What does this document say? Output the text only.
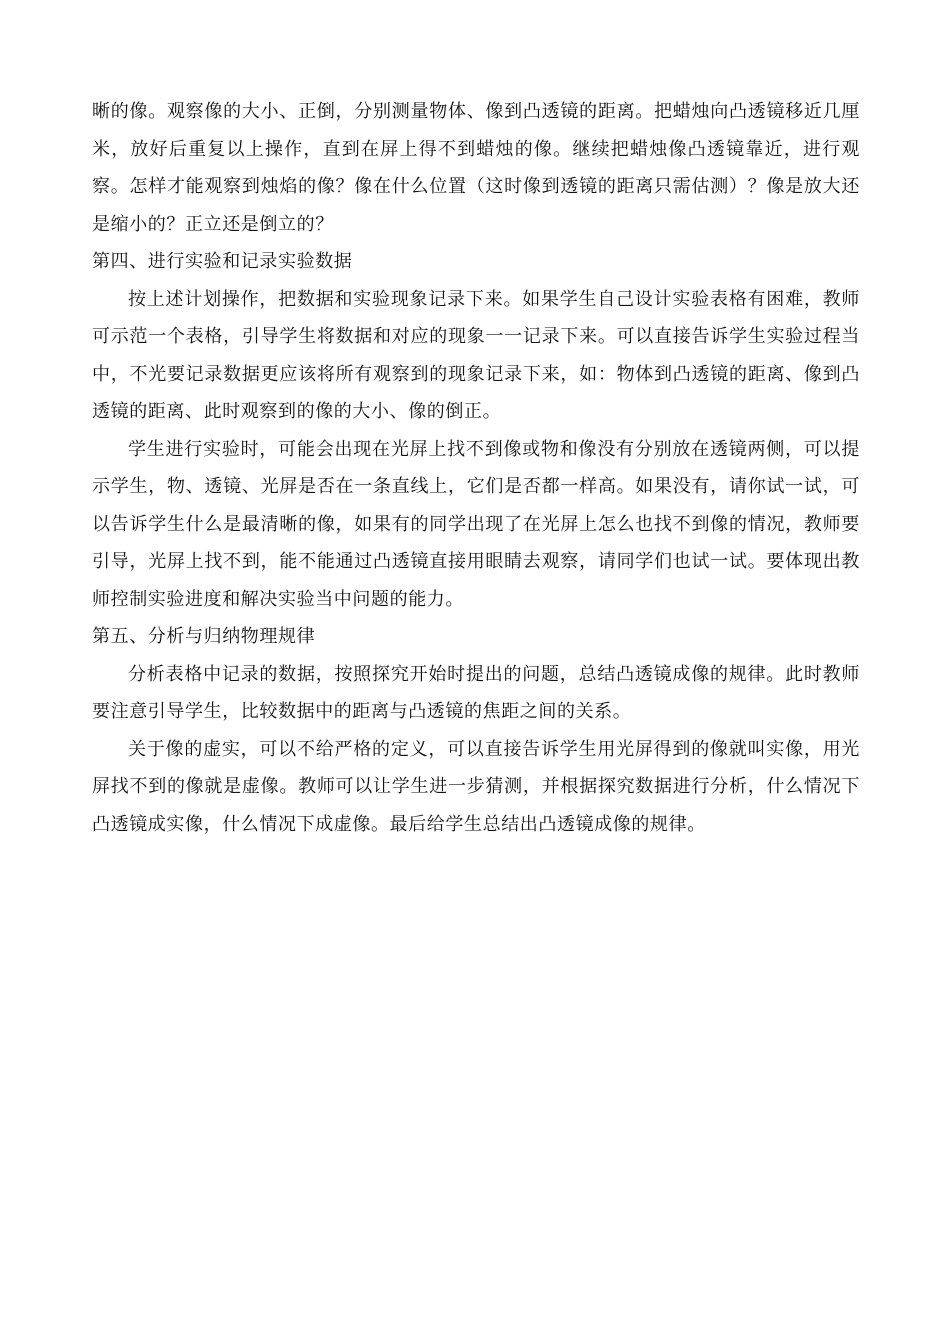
晰的像。观察像的大小、正倒，分别测量物体、像到凸透镜的距离。把蜡烛向凸透镜移近几厘米，放好后重复以上操作，直到在屏上得不到蜡烛的像。继续把蜡烛像凸透镜靠近，进行观察。怎样才能观察到烛焰的像？像在什么位置（这时像到透镜的距离只需估测）？像是放大还是缩小的？正立还是倒立的？

第四、进行实验和记录实验数据

按上述计划操作，把数据和实验现象记录下来。如果学生自己设计实验表格有困难，教师可示范一个表格，引导学生将数据和对应的现象一一记录下来。可以直接告诉学生实验过程当中，不光要记录数据更应该将所有观察到的现象记录下来，如：物体到凸透镜的距离、像到凸透镜的距离、此时观察到的像的大小、像的倒正。

学生进行实验时，可能会出现在光屏上找不到像或物和像没有分别放在透镜两侧，可以提示学生，物、透镜、光屏是否在一条直线上，它们是否都一样高。如果没有，请你试一试，可以告诉学生什么是最清晰的像，如果有的同学出现了在光屏上怎么也找不到像的情况，教师要引导，光屏上找不到，能不能通过凸透镜直接用眼睛去观察，请同学们也试一试。要体现出教师控制实验进度和解决实验当中问题的能力。

第五、分析与归纳物理规律

分析表格中记录的数据，按照探究开始时提出的问题，总结凸透镜成像的规律。此时教师要注意引导学生，比较数据中的距离与凸透镜的焦距之间的关系。

关于像的虚实，可以不给严格的定义，可以直接告诉学生用光屏得到的像就叫实像，用光屏找不到的像就是虚像。教师可以让学生进一步猜测，并根据探究数据进行分析，什么情况下凸透镜成实像，什么情况下成虚像。最后给学生总结出凸透镜成像的规律。
